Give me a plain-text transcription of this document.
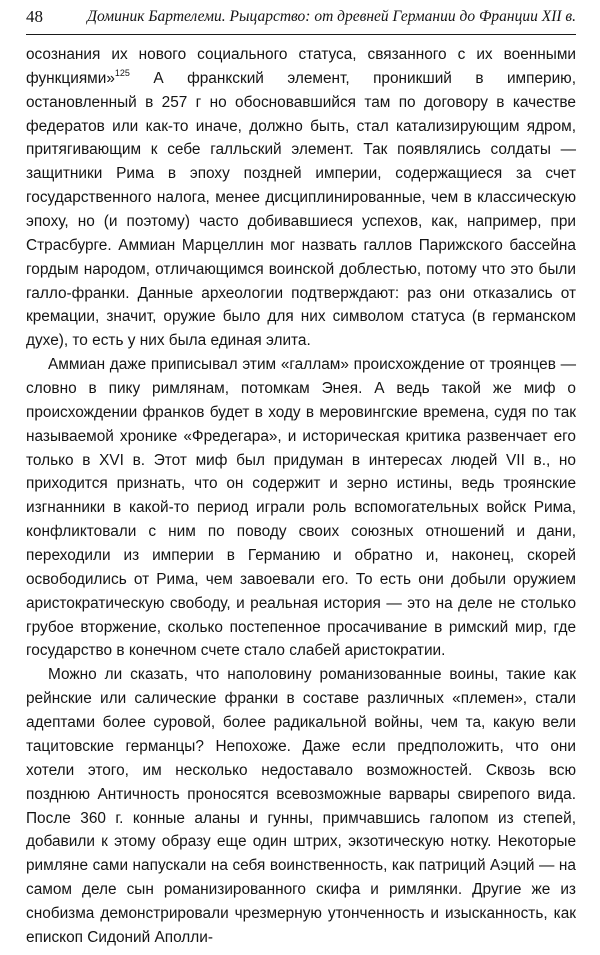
48	Доминик Бартелеми. Рыцарство: от древней Германии до Франции XII в.

осознания их нового социального статуса, связанного с их военными функциями»$^{125}$ А франкский элемент, проникший в империю, остановленный в 257 г но обосновавшийся там по договору в качестве федератов или как-то иначе, должно быть, стал катализирующим ядром, притягивающим к себе галльский элемент. Так появлялись солдаты — защитники Рима в эпоху поздней империи, содержащиеся за счет государственного налога, менее дисциплинированные, чем в классическую эпоху, но (и поэтому) часто добивавшиеся успехов, как, например, при Страсбурге. Аммиан Марцеллин мог назвать галлов Парижского бассейна гордым народом, отличающимся воинской доблестью, потому что это были галло-франки. Данные археологии подтверждают: раз они отказались от кремации, значит, оружие было для них символом статуса (в германском духе), то есть у них была единая элита.

Аммиан даже приписывал этим «галлам» происхождение от троянцев — словно в пику римлянам, потомкам Энея. А ведь такой же миф о происхождении франков будет в ходу в меровингские времена, судя по так называемой хронике «Фредегара», и историческая критика развенчает его только в XVI в. Этот миф был придуман в интересах людей VII в., но приходится признать, что он содержит и зерно истины, ведь троянские изгнанники в какой-то период играли роль вспомогательных войск Рима, конфликтовали с ним по поводу своих союзных отношений и дани, переходили из империи в Германию и обратно и, наконец, скорей освободились от Рима, чем завоевали его. То есть они добыли оружием аристократическую свободу, и реальная история — это на деле не столько грубое вторжение, сколько постепенное просачивание в римский мир, где государство в конечном счете стало слабей аристократии.

Можно ли сказать, что наполовину романизованные воины, такие как рейнские или салические франки в составе различных «племен», стали адептами более суровой, более радикальной войны, чем та, какую вели тацитовские германцы? Непохоже. Даже если предположить, что они хотели этого, им несколько недоставало возможностей. Сквозь всю позднюю Античность проносятся всевозможные варвары свирепого вида. После 360 г. конные аланы и гунны, примчавшись галопом из степей, добавили к этому образу еще один штрих, экзотическую нотку. Некоторые римляне сами напускали на себя воинственность, как патриций Аэций — на самом деле сын романизированного скифа и римлянки. Другие же из снобизма демонстрировали чрезмерную утонченность и изысканность, как епископ Сидоний Аполли-
